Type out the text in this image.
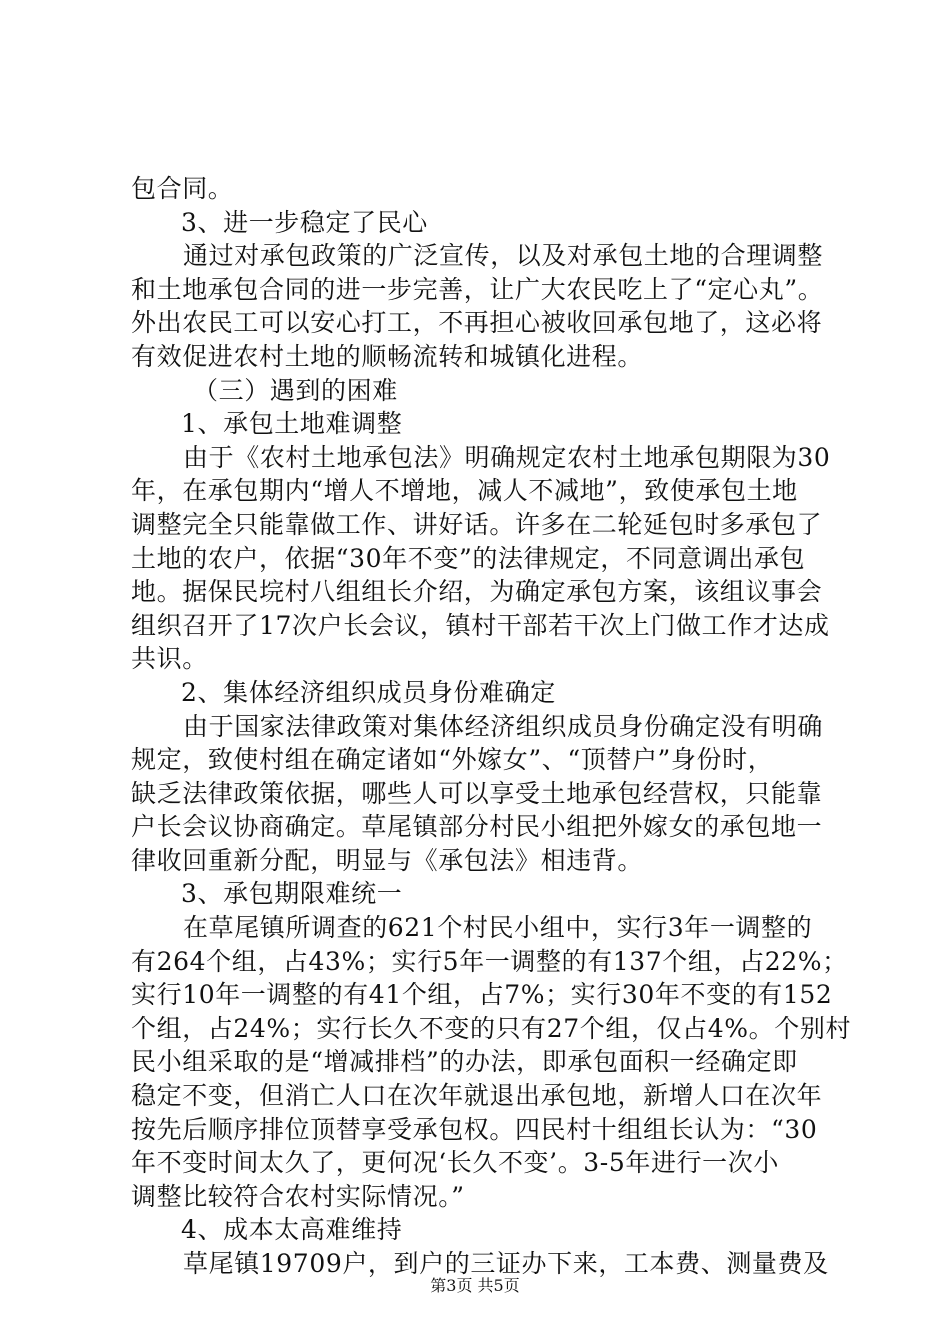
包合同。
3、进一步稳定了民心
通过对承包政策的广泛宣传，以及对承包土地的合理调整
和土地承包合同的进一步完善，让广大农民吃上了“定心丸”。
外出农民工可以安心打工，不再担心被收回承包地了，这必将
有效促进农村土地的顺畅流转和城镇化进程。
（三）遇到的困难
1、承包土地难调整
由于《农村土地承包法》明确规定农村土地承包期限为30
年，在承包期内“增人不增地，减人不减地”，致使承包土地
调整完全只能靠做工作、讲好话。许多在二轮延包时多承包了
土地的农户，依据“30年不变”的法律规定，不同意调出承包
地。据保民垸村八组组长介绍，为确定承包方案，该组议事会
组织召开了17次户长会议，镇村干部若干次上门做工作才达成
共识。
2、集体经济组织成员身份难确定
由于国家法律政策对集体经济组织成员身份确定没有明确
规定，致使村组在确定诸如“外嫁女”、“顶替户”身份时，
缺乏法律政策依据，哪些人可以享受土地承包经营权，只能靠
户长会议协商确定。草尾镇部分村民小组把外嫁女的承包地一
律收回重新分配，明显与《承包法》相违背。
3、承包期限难统一
在草尾镇所调查的621个村民小组中，实行3年一调整的
有264个组，占43%；实行5年一调整的有137个组，占22%；
实行10年一调整的有41个组，占7%；实行30年不变的有152
个组，占24%；实行长久不变的只有27个组，仅占4%。个别村
民小组采取的是“增减排档”的办法，即承包面积一经确定即
稳定不变，但消亡人口在次年就退出承包地，新增人口在次年
按先后顺序排位顶替享受承包权。四民村十组组长认为：“30
年不变时间太久了，更何况‘长久不变’。3-5年进行一次小
调整比较符合农村实际情况。”
4、成本太高难维持
草尾镇19709户，到户的三证办下来，工本费、测量费及
第3页 共5页
